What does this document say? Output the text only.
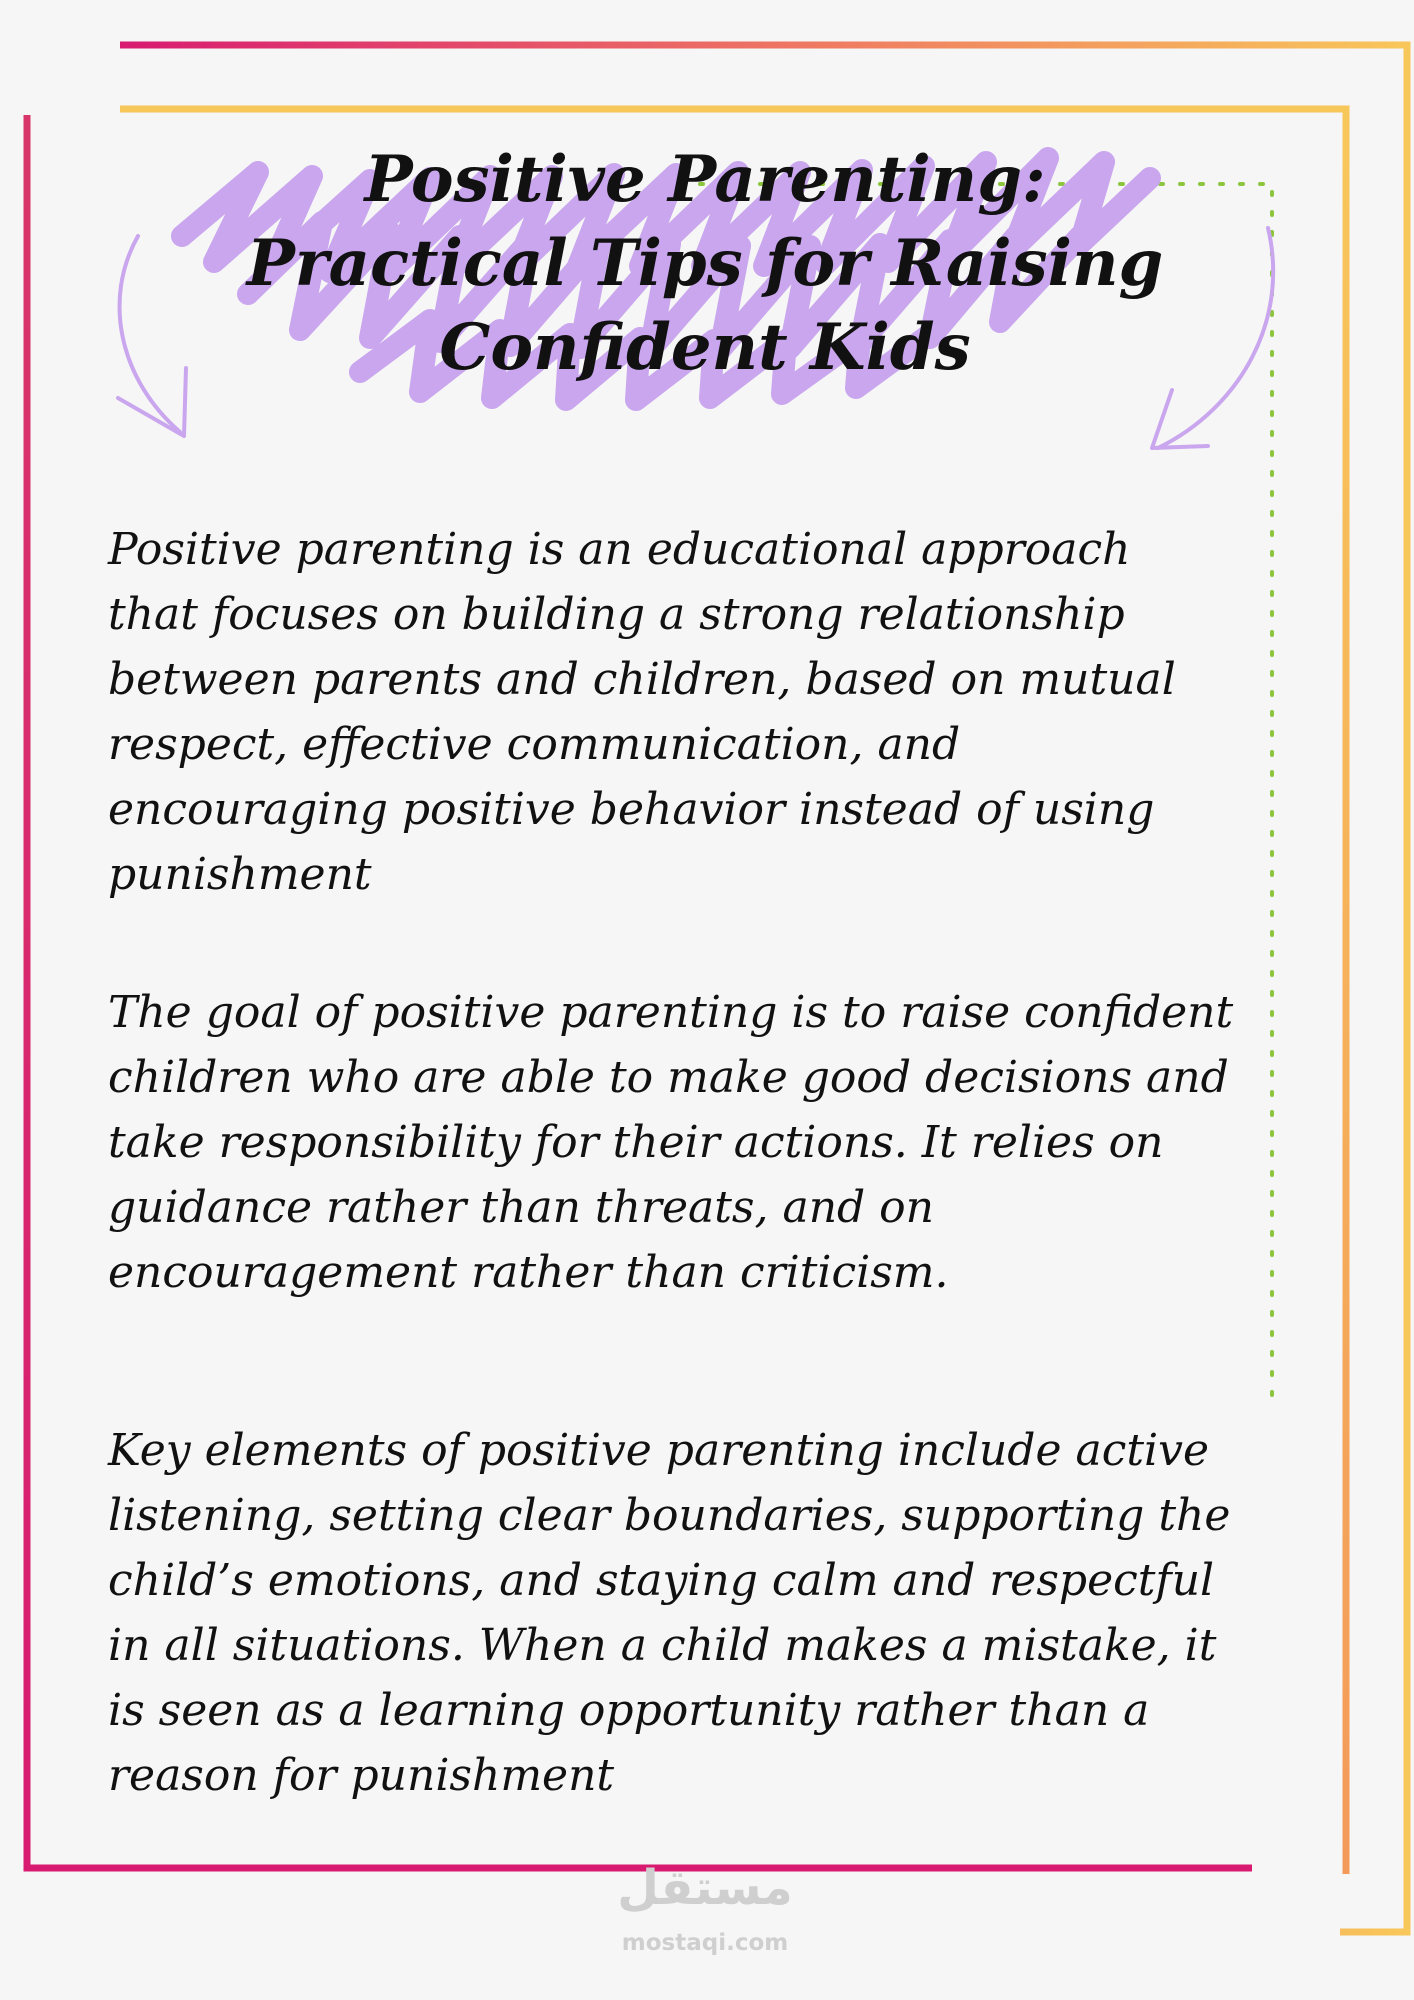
Positive Parenting:
Practical Tips for Raising
Confident Kids

Positive parenting is an educational approach
that focuses on building a strong relationship
between parents and children, based on mutual
respect, effective communication, and
encouraging positive behavior instead of using
punishment

The goal of positive parenting is to raise confident
children who are able to make good decisions and
take responsibility for their actions. It relies on
guidance rather than threats, and on
encouragement rather than criticism.

Key elements of positive parenting include active
listening, setting clear boundaries, supporting the
child’s emotions, and staying calm and respectful
in all situations. When a child makes a mistake, it
is seen as a learning opportunity rather than a
reason for punishment

مستقل
mostaqi.com
